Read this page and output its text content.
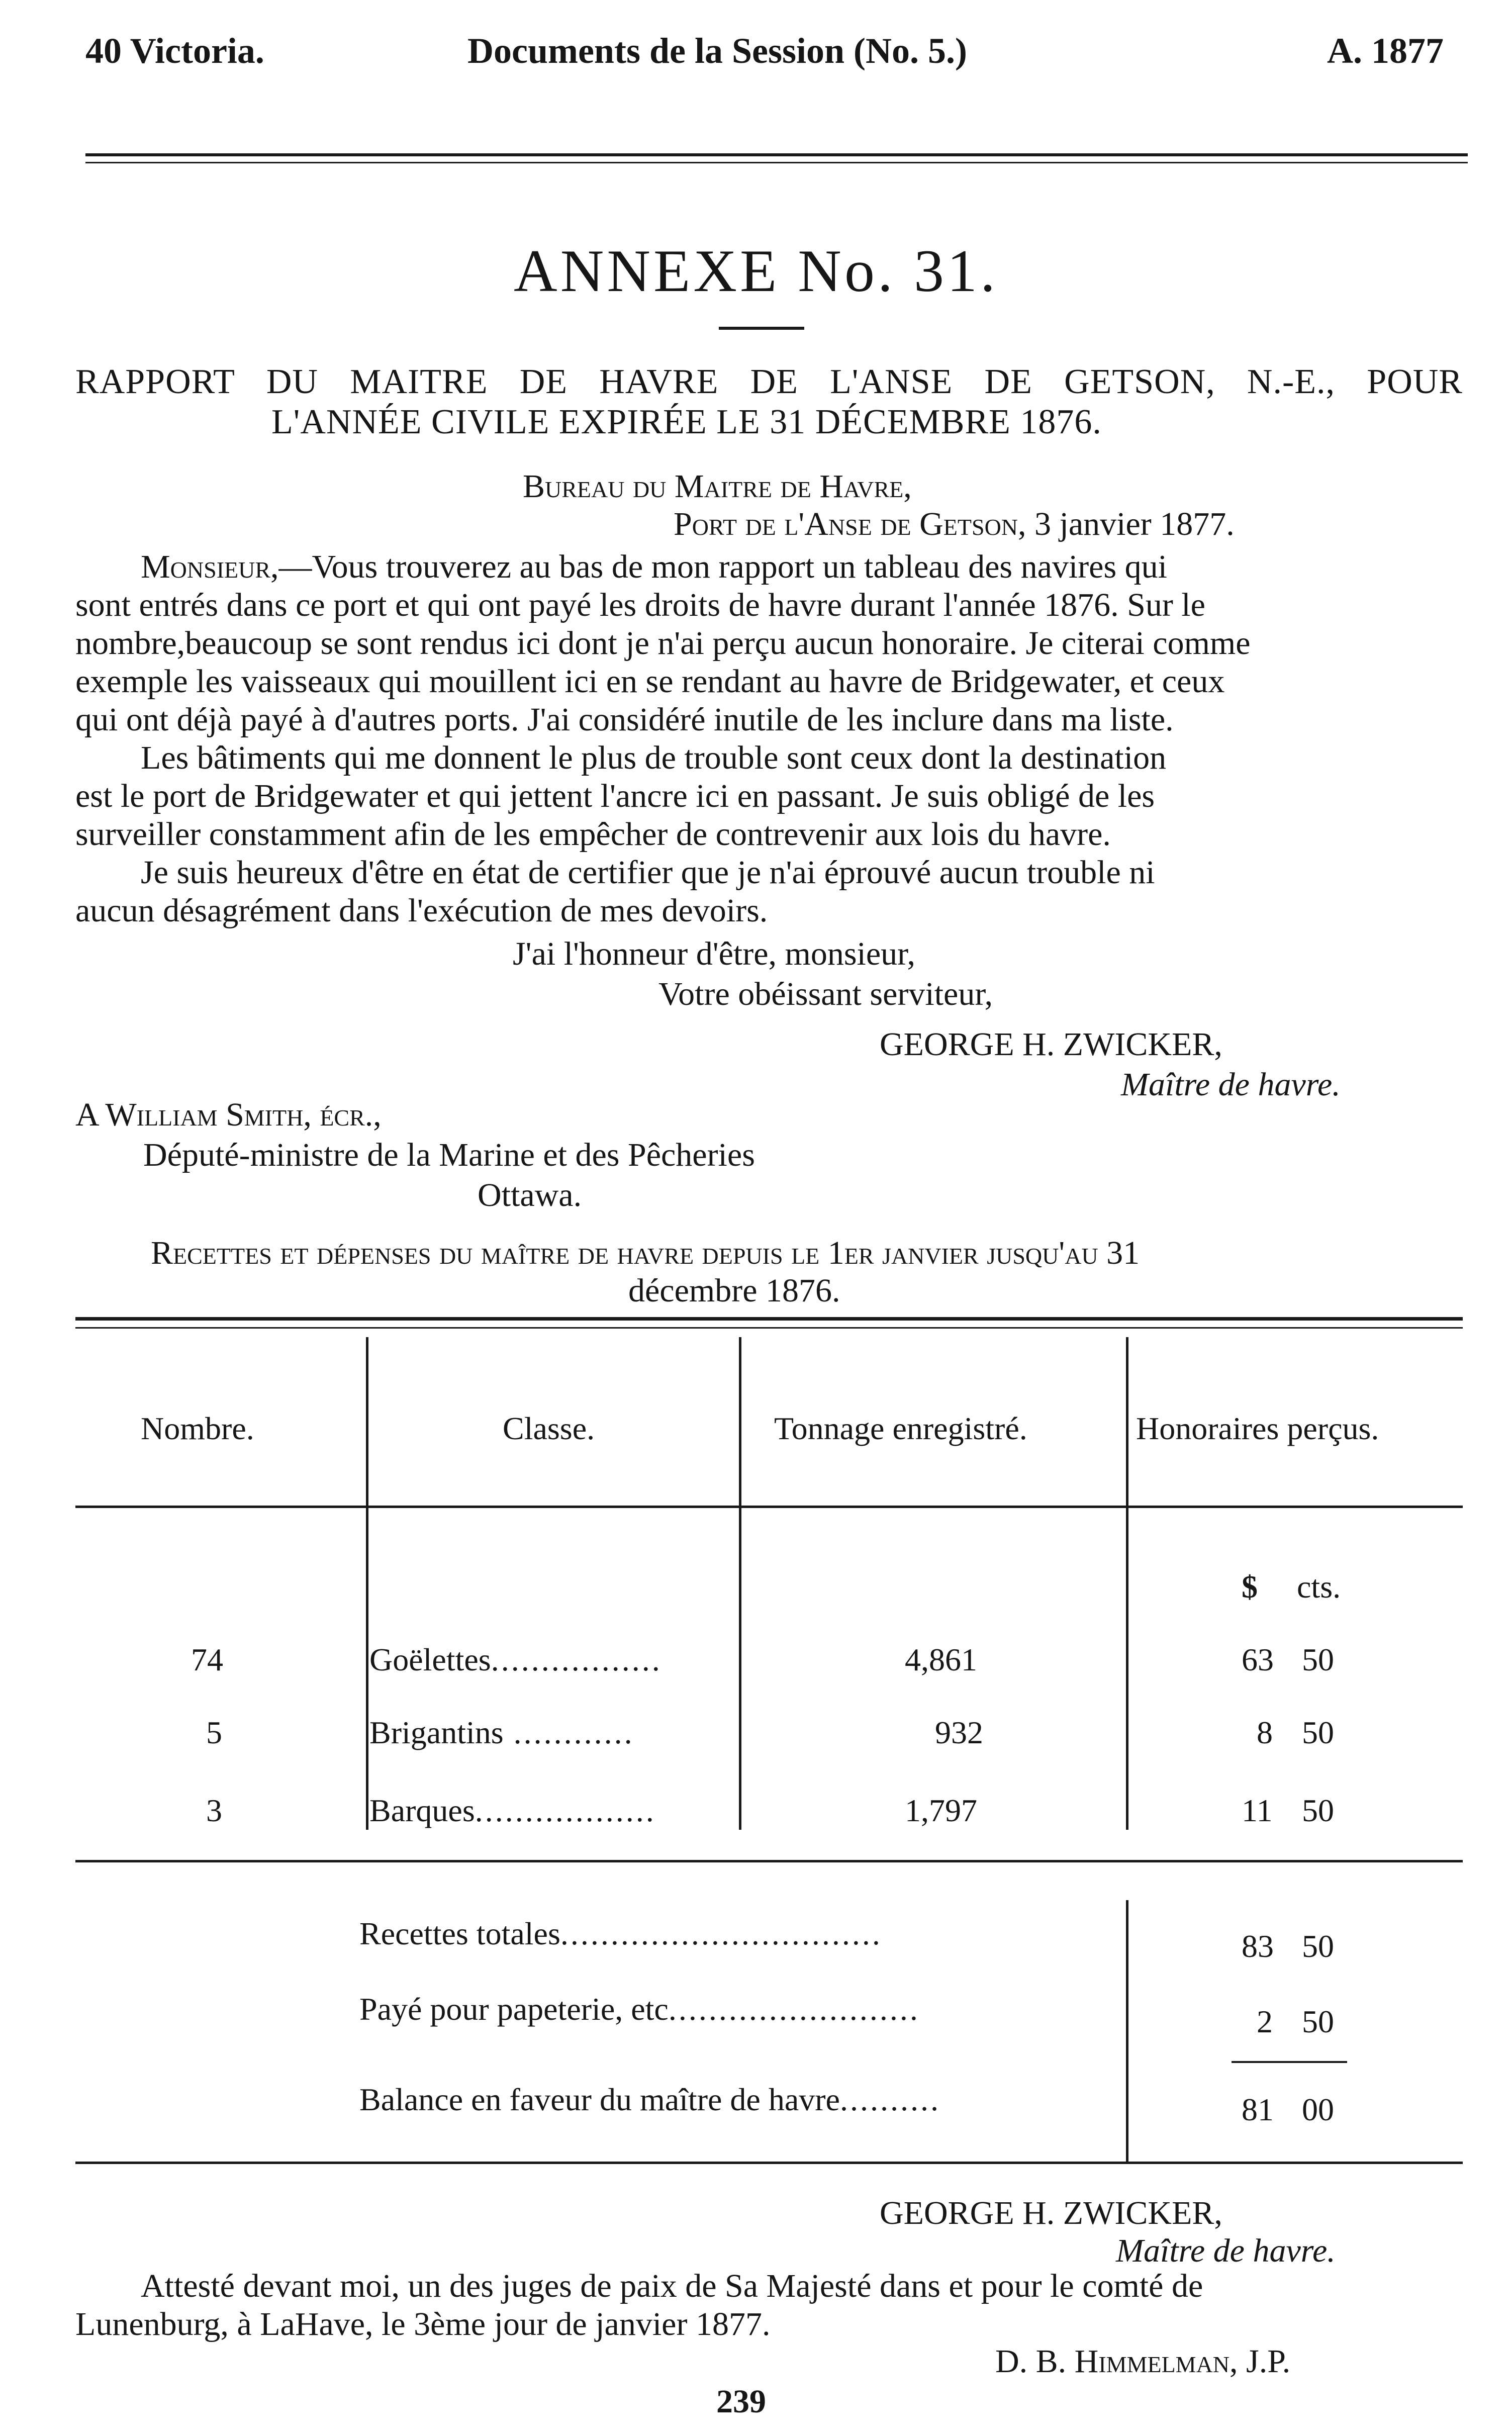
40 Victoria.	Documents de la Session (No. 5.)	A. 1877
ANNEXE No. 31.
RAPPORT DU MAITRE DE HAVRE DE L'ANSE DE GETSON, N.-E., POUR
L'ANNÉE CIVILE EXPIRÉE LE 31 DÉCEMBRE 1876.
Bureau du Maitre de Havre,
Port de l'Anse de Getson, 3 janvier 1877.
Monsieur,—Vous trouverez au bas de mon rapport un tableau des navires qui
sont entrés dans ce port et qui ont payé les droits de havre durant l'année 1876. Sur le
nombre,beaucoup se sont rendus ici dont je n'ai perçu aucun honoraire. Je citerai comme
exemple les vaisseaux qui mouillent ici en se rendant au havre de Bridgewater, et ceux
qui ont déjà payé à d'autres ports. J'ai considéré inutile de les inclure dans ma liste.
Les bâtiments qui me donnent le plus de trouble sont ceux dont la destination
est le port de Bridgewater et qui jettent l'ancre ici en passant. Je suis obligé de les
surveiller constamment afin de les empêcher de contrevenir aux lois du havre.
Je suis heureux d'être en état de certifier que je n'ai éprouvé aucun trouble ni
aucun désagrément dans l'exécution de mes devoirs.
J'ai l'honneur d'être, monsieur,
Votre obéissant serviteur,
GEORGE H. ZWICKER,
Maître de havre.
A William Smith, écr.,
Député-ministre de la Marine et des Pêcheries
Ottawa.
Recettes et dépenses du maître de havre depuis le 1er janvier jusqu'au 31
décembre 1876.
Nombre.	Classe.	Tonnage enregistré.	Honoraires perçus.
$ cts.
74	Goëlettes.................	4,861	63 50
5	Brigantins ............	932	8 50
3	Barques..................	1,797	11 50
Recettes totales................................	83 50
Payé pour papeterie, etc.........................	2 50
Balance en faveur du maître de havre..........	81 00
GEORGE H. ZWICKER,
Maître de havre.
Attesté devant moi, un des juges de paix de Sa Majesté dans et pour le comté de
Lunenburg, à LaHave, le 3ème jour de janvier 1877.
D. B. Himmelman, J.P.
239
